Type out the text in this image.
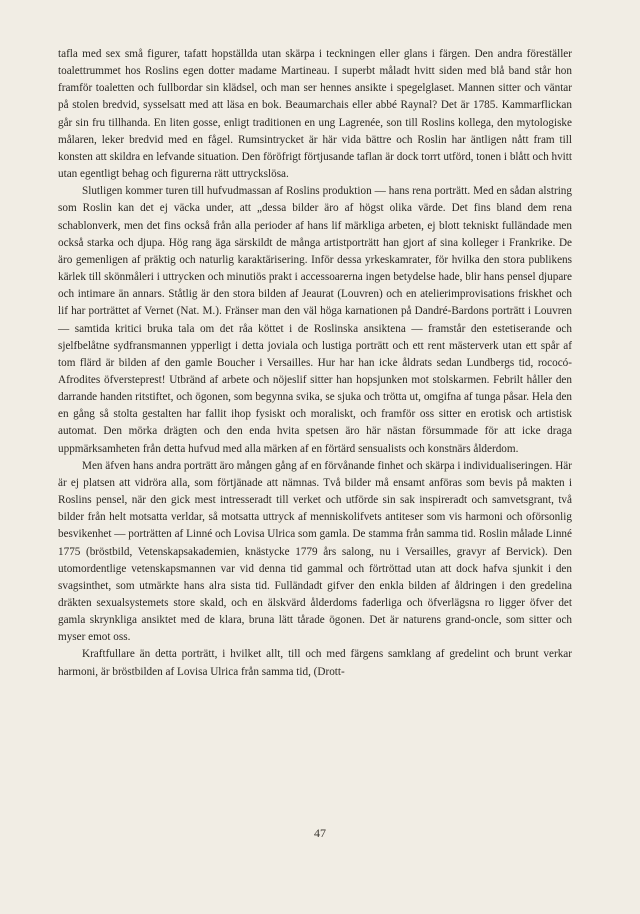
tafla med sex små figurer, tafatt hopställda utan skärpa i teckningen eller glans i färgen. Den andra föreställer toalettrummet hos Roslins egen dotter madame Martineau. I superbt måladt hvitt siden med blå band står hon framför toaletten och fullbordar sin klädsel, och man ser hennes ansikte i spegelglaset. Mannen sitter och väntar på stolen bredvid, sysselsatt med att läsa en bok. Beaumarchais eller abbé Raynal? Det är 1785. Kammarflickan går sin fru tillhanda. En liten gosse, enligt traditionen en ung Lagrenée, son till Roslins kollega, den mytologiske målaren, leker bredvid med en fågel. Rumsintrycket är här vida bättre och Roslin har äntligen nått fram till konsten att skildra en lefvande situation. Den föröfrigt förtjusande taflan är dock torrt utförd, tonen i blått och hvitt utan egentligt behag och figurerna rätt uttryckslösa.

Slutligen kommer turen till hufvudmassan af Roslins produktion — hans rena porträtt. Med en sådan alstring som Roslin kan det ej väcka under, att „dessa bilder äro af högst olika värde. Det fins bland dem rena schablonverk, men det fins också från alla perioder af hans lif märkliga arbeten, ej blott tekniskt fulländade men också starka och djupa. Hög rang äga särskildt de många artistporträtt han gjort af sina kolleger i Frankrike. De äro gemenligen af präktig och naturlig karaktärisering. Inför dessa yrkeskamrater, för hvilka den stora publikens kärlek till skönmåleri i uttrycken och minutiös prakt i accessoarerna ingen betydelse hade, blir hans pensel djupare och intimare än annars. Ståtlig är den stora bilden af Jeaurat (Louvren) och en atelierimprovisations friskhet och lif har porträttet af Vernet (Nat. M.). Fränser man den väl höga karnationen på Dandré-Bardons porträtt i Louvren — samtida kritici bruka tala om det råa köttet i de Roslinska ansiktena — framstår den estetiserande och sjelfbelåtne sydfransmannen ypperligt i detta joviala och lustiga porträtt och ett rent mästerverk utan ett spår af tom flärd är bilden af den gamle Boucher i Versailles. Hur har han icke åldrats sedan Lundbergs tid, rococó-Afrodites öfversteprest! Utbränd af arbete och nöjeslif sitter han hopsjunken mot stolskarmen. Febrilt håller den darrande handen ritstiftet, och ögonen, som begynna svika, se sjuka och trötta ut, omgifna af tunga påsar. Hela den en gång så stolta gestalten har fallit ihop fysiskt och moraliskt, och framför oss sitter en erotisk och artistisk automat. Den mörka drägten och den enda hvita spetsen äro här nästan försummade för att icke draga uppmärksamheten från detta hufvud med alla märken af en förtärd sensualists och konstnärs ålderdom.

Men äfven hans andra porträtt äro mången gång af en förvånande finhet och skärpa i individualiseringen. Här är ej platsen att vidröra alla, som förtjänade att nämnas. Två bilder må ensamt anföras som bevis på makten i Roslins pensel, när den gick mest intresseradt till verket och utförde sin sak inspireradt och samvetsgrant, två bilder från helt motsatta verldar, så motsatta uttryck af menniskolifvets antiteser som vis harmoni och oförsonlig besvikenhet — porträtten af Linné och Lovisa Ulrica som gamla. De stamma från samma tid. Roslin målade Linné 1775 (bröstbild, Vetenskapsakademien, knästycke 1779 års salong, nu i Versailles, gravyr af Bervick). Den utomordentlige vetenskapsmannen var vid denna tid gammal och förtröttad utan att dock hafva sjunkit i den svagsinthet, som utmärkte hans alra sista tid. Fulländadt gifver den enkla bilden af åldringen i den gredelina dräkten sexualsystemets store skald, och en älskvärd ålderdoms faderliga och öfverlägsna ro ligger öfver det gamla skrynkliga ansiktet med de klara, bruna lätt tårade ögonen. Det är naturens grand-oncle, som sitter och myser emot oss.

Kraftfullare än detta porträtt, i hvilket allt, till och med färgens samklang af gredelint och brunt verkar harmoni, är bröstbilden af Lovisa Ulrica från samma tid, (Drott-

47
